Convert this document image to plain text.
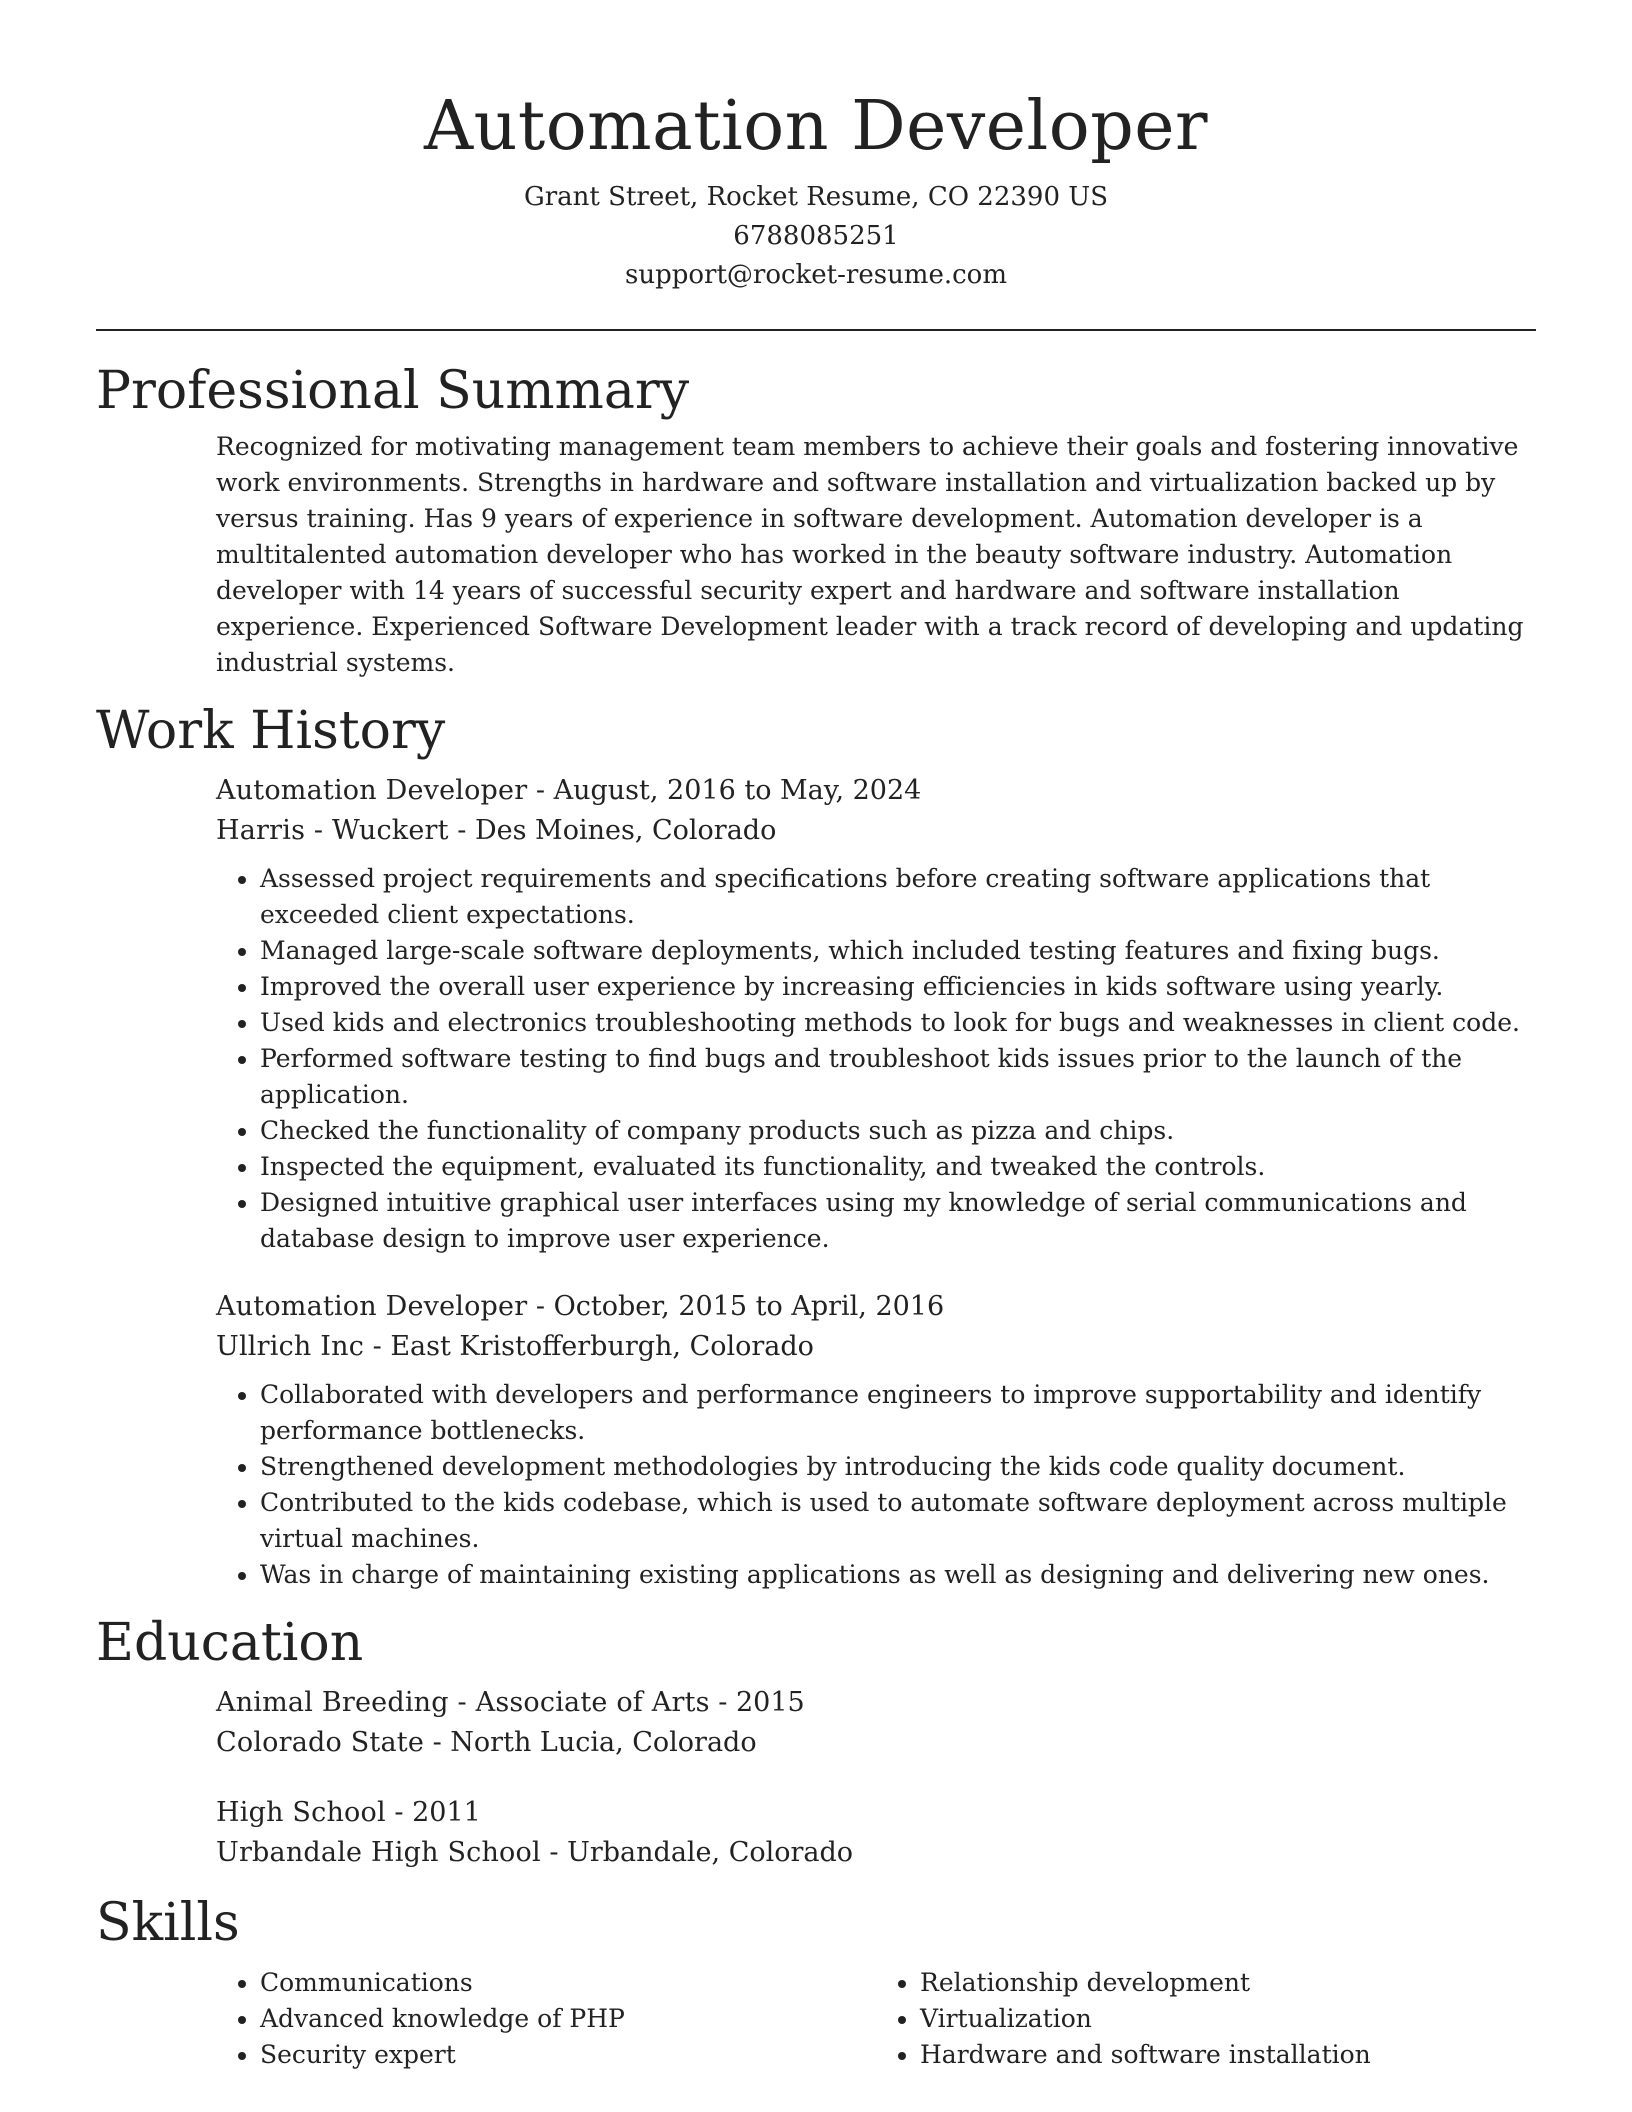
Automation Developer
Grant Street, Rocket Resume, CO 22390 US
6788085251
support@rocket-resume.com
Professional Summary

Recognized for motivating management team members to achieve their goals and fostering innovative work environments. Strengths in hardware and software installation and virtualization backed up by versus training. Has 9 years of experience in software development. Automation developer is a multitalented automation developer who has worked in the beauty software industry. Automation developer with 14 years of successful security expert and hardware and software installation experience. Experienced Software Development leader with a track record of developing and updating industrial systems.

Work History
Automation Developer - August, 2016 to May, 2024
Harris - Wuckert - Des Moines, Colorado
• Assessed project requirements and specifications before creating software applications that exceeded client expectations.
• Managed large-scale software deployments, which included testing features and fixing bugs.
• Improved the overall user experience by increasing efficiencies in kids software using yearly.
• Used kids and electronics troubleshooting methods to look for bugs and weaknesses in client code.
• Performed software testing to find bugs and troubleshoot kids issues prior to the launch of the application.
• Checked the functionality of company products such as pizza and chips.
• Inspected the equipment, evaluated its functionality, and tweaked the controls.
• Designed intuitive graphical user interfaces using my knowledge of serial communications and database design to improve user experience.
Automation Developer - October, 2015 to April, 2016
Ullrich Inc - East Kristofferburgh, Colorado
• Collaborated with developers and performance engineers to improve supportability and identify performance bottlenecks.
• Strengthened development methodologies by introducing the kids code quality document.
• Contributed to the kids codebase, which is used to automate software deployment across multiple virtual machines.
• Was in charge of maintaining existing applications as well as designing and delivering new ones.
Education
Animal Breeding - Associate of Arts - 2015
Colorado State - North Lucia, Colorado
High School - 2011
Urbandale High School - Urbandale, Colorado
Skills
• Communications
• Advanced knowledge of PHP
• Security expert
• Relationship development
• Virtualization
• Hardware and software installation
